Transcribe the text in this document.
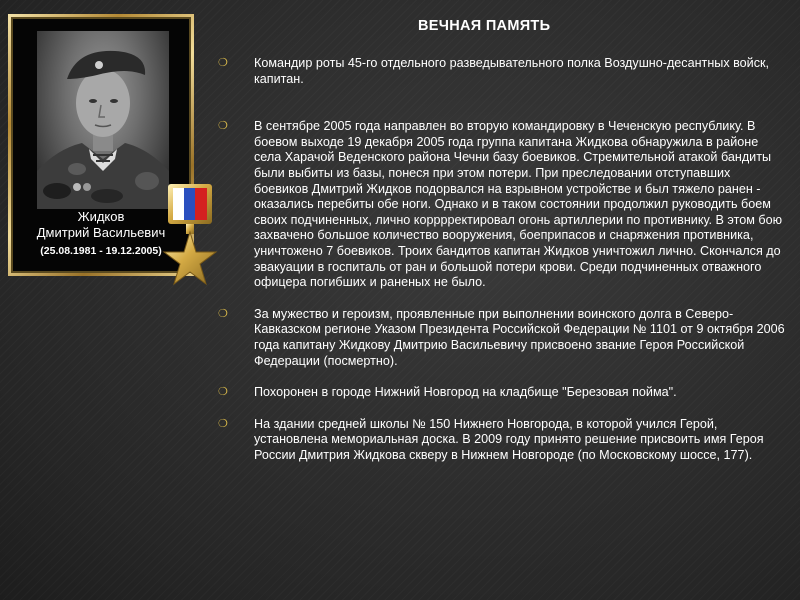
Жидков
Дмитрий Васильевич
(25.08.1981 - 19.12.2005)
ВЕЧНАЯ ПАМЯТЬ
❍ Командир роты 45-го отдельного разведывательного полка Воздушно-десантных войск, капитан.
❍ В сентябре 2005 года направлен во вторую командировку в Чеченскую республику. В боевом выходе 19 декабря 2005 года группа капитана Жидкова обнаружила в районе села Харачой Веденского района Чечни базу боевиков. Стремительной атакой бандиты были выбиты из базы, понеся при этом потери. При преследовании отступавших боевиков Дмитрий Жидков подорвался на взрывном устройстве и был тяжело ранен - оказались перебиты обе ноги. Однако и в таком состоянии продолжил руководить боем своих подчиненных, лично корррректировал огонь артиллерии по противнику. В этом бою захвачено большое количество вооружения, боеприпасов и снаряжения противника, уничтожено 7 боевиков. Троих бандитов капитан Жидков уничтожил лично. Скончался до эвакуации в госпиталь от ран и большой потери крови. Среди подчиненных отважного офицера погибших и раненых не было.
❍ За мужество и героизм, проявленные при выполнении воинского долга в Северо-Кавказском регионе Указом Президента Российской Федерации № 1101 от 9 октября 2006 года капитану Жидкову Дмитрию Васильевичу присвоено звание Героя Российской Федерации (посмертно).
❍ Похоронен в городе Нижний Новгород на кладбище "Березовая пойма".
❍ На здании средней школы № 150 Нижнего Новгорода, в которой учился Герой, установлена мемориальная доска. В 2009 году принято решение присвоить имя Героя России Дмитрия Жидкова скверу в Нижнем Новгороде (по Московскому шоссе, 177).
